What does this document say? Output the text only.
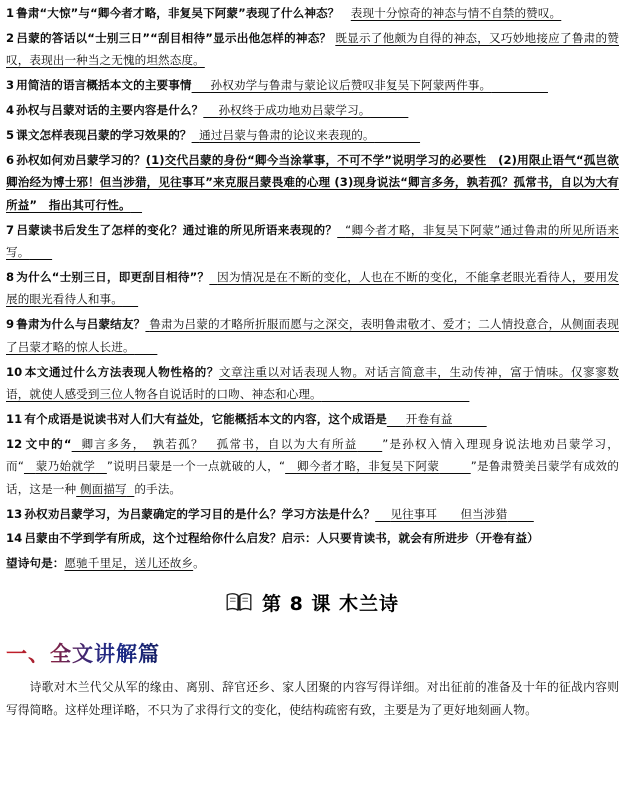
1 鲁肃“大惊”与“卿今者才略，非复吴下阿蒙”表现了什么神态？ 表现十分惊奇的神态与情不自禁的赞叹。

2 吕蒙的答话以“士别三日”“刮目相待”显示出他怎样的神态？ 既显示了他颇为自得的神态，又巧妙地接应了鲁肃的赞叹，表现出一种当之无愧的坦然态度。

3 用简洁的语言概括本文的主要事情 孙权劝学与鲁肃与蒙论议后赞叹非复吴下阿蒙两件事。

4 孙权与吕蒙对话的主要内容是什么？ 孙权终于成功地劝吕蒙学习。

5 课文怎样表现吕蒙的学习效果的？ 通过吕蒙与鲁肃的论议来表现的。

6 孙权如何劝吕蒙学习的？(1)交代吕蒙的身份“卿今当涂掌事，不可不学”说明学习的必要性　(2)用限止语气“孤岂欲卿治经为博士邪！但当涉猎，见往事耳”来克服吕蒙畏难的心理 (3)现身说法“卿言多务，孰若孤？孤常书，自以为大有所益”　指出其可行性。

7 吕蒙读书后发生了怎样的变化？通过谁的所见所语来表现的？ “卿今者才略，非复吴下阿蒙”通过鲁肃的所见所语来写。

8 为什么“士别三日，即更刮目相待”？ 因为情况是在不断的变化，人也在不断的变化，不能拿老眼光看待人，要用发展的眼光看待人和事。

9 鲁肃为什么与吕蒙结友？ 鲁肃为吕蒙的才略所折服而愿与之深交，表明鲁肃敬才、爱才；二人情投意合，从侧面表现了吕蒙才略的惊人长进。

10 本文通过什么方法表现人物性格的？文章注重以对话表现人物。对话言简意丰，生动传神，富于情味。仅寥寥数语，就使人感受到三位人物各自说话时的口吻、神态和心理。

11 有个成语是说读书对人们大有益处，它能概括本文的内容，这个成语是 开卷有益

12 文中的“ 卿言多务，　孰若孤？　孤常书，自以为大有所益 ”是孙权入情入理现身说法地劝吕蒙学习，而“ 蒙乃始就学 ”说明吕蒙是一个一点就破的人，“ 卿今者才略，非复吴下阿蒙	”是鲁肃赞美吕蒙学有成效的话，这是一种 侧面描写 的手法。

13 孙权劝吕蒙学习，为吕蒙确定的学习目的是什么？学习方法是什么？ 见往事耳　　但当涉猎

14 吕蒙由不学到学有所成，这个过程给你什么启发？启示：人只要肯读书，就会有所进步（开卷有益）

望诗句是：愿驰千里足，送儿还故乡。

第 8 课 木兰诗
一、全文讲解篇

诗歌对木兰代父从军的缘由、离别、辞官还乡、家人团聚的内容写得详细。对出征前的准备及十年的征战内容则写得简略。这样处理详略，不只为了求得行文的变化，使结构疏密有致，主要是为了更好地刻画人物。
